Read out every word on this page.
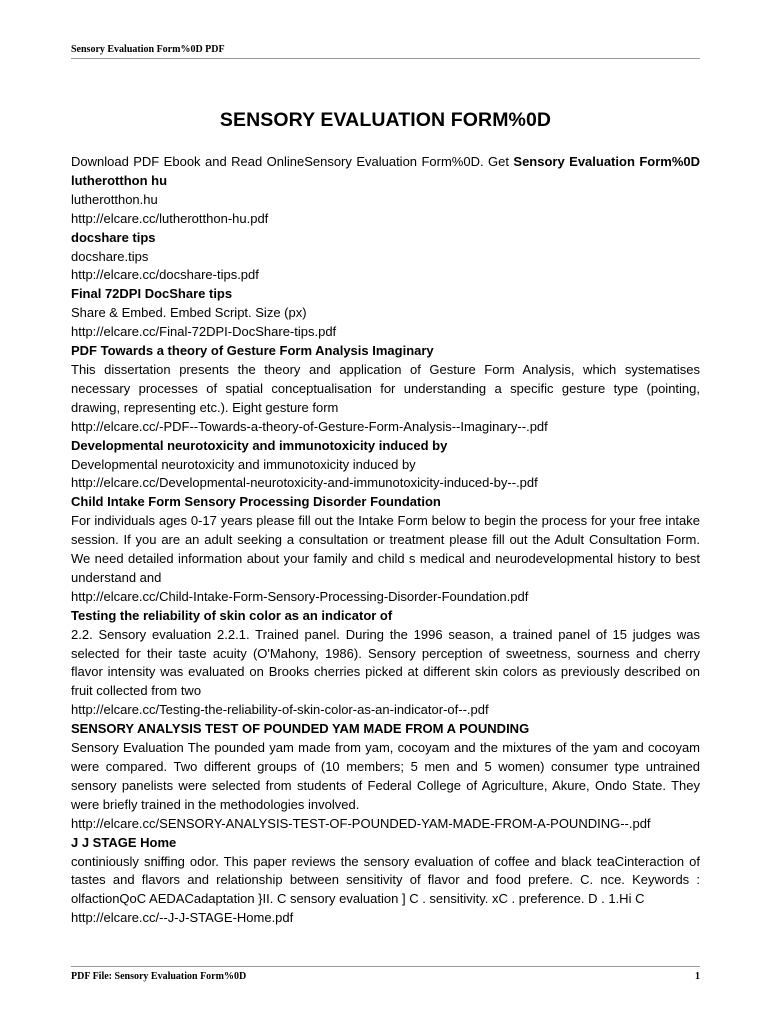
Sensory Evaluation Form%0D PDF
SENSORY EVALUATION FORM%0D

Download PDF Ebook and Read OnlineSensory Evaluation Form%0D. Get Sensory Evaluation Form%0D lutherotthon hu

lutherotthon.hu

http://elcare.cc/lutherotthon-hu.pdf

docshare tips

docshare.tips

http://elcare.cc/docshare-tips.pdf

Final 72DPI DocShare tips

Share & Embed. Embed Script. Size (px)

http://elcare.cc/Final-72DPI-DocShare-tips.pdf

PDF Towards a theory of Gesture Form Analysis Imaginary

This dissertation presents the theory and application of Gesture Form Analysis, which systematises necessary processes of spatial conceptualisation for understanding a specific gesture type (pointing, drawing, representing etc.). Eight gesture form

http://elcare.cc/-PDF--Towards-a-theory-of-Gesture-Form-Analysis--Imaginary--.pdf

Developmental neurotoxicity and immunotoxicity induced by

Developmental neurotoxicity and immunotoxicity induced by

http://elcare.cc/Developmental-neurotoxicity-and-immunotoxicity-induced-by--.pdf

Child Intake Form Sensory Processing Disorder Foundation

For individuals ages 0-17 years please fill out the Intake Form below to begin the process for your free intake session. If you are an adult seeking a consultation or treatment please fill out the Adult Consultation Form. We need detailed information about your family and child s medical and neurodevelopmental history to best understand and

http://elcare.cc/Child-Intake-Form-Sensory-Processing-Disorder-Foundation.pdf

Testing the reliability of skin color as an indicator of

2.2. Sensory evaluation 2.2.1. Trained panel. During the 1996 season, a trained panel of 15 judges was selected for their taste acuity (O'Mahony, 1986). Sensory perception of sweetness, sourness and cherry flavor intensity was evaluated on Brooks cherries picked at different skin colors as previously described on fruit collected from two

http://elcare.cc/Testing-the-reliability-of-skin-color-as-an-indicator-of--.pdf

SENSORY ANALYSIS TEST OF POUNDED YAM MADE FROM A POUNDING

Sensory Evaluation The pounded yam made from yam, cocoyam and the mixtures of the yam and cocoyam were compared. Two different groups of (10 members; 5 men and 5 women) consumer type untrained sensory panelists were selected from students of Federal College of Agriculture, Akure, Ondo State. They were briefly trained in the methodologies involved.

http://elcare.cc/SENSORY-ANALYSIS-TEST-OF-POUNDED-YAM-MADE-FROM-A-POUNDING--.pdf

J J STAGE Home

continiously sniffing odor. This paper reviews the sensory evaluation of coffee and black teaCinteraction of tastes and flavors and relationship between sensitivity of flavor and food prefere. C. nce. Keywords : olfactionQoC AEDACadaptation }II. C sensory evaluation ] C . sensitivity. xC . preference. D . 1.Hi C

http://elcare.cc/--J-J-STAGE-Home.pdf

PDF File: Sensory Evaluation Form%0D	1
